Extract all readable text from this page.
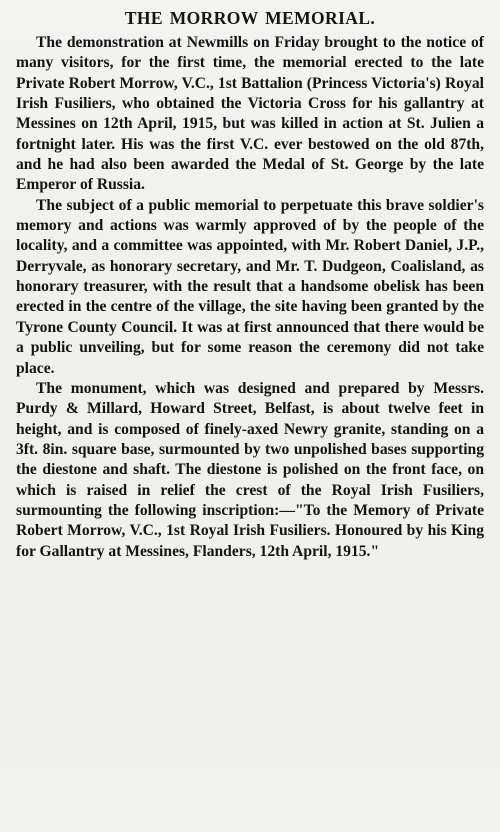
THE MORROW MEMORIAL.

The demonstration at Newmills on Friday brought to the notice of many visitors, for the first time, the memorial erected to the late Private Robert Morrow, V.C., 1st Battalion (Princess Victoria's) Royal Irish Fusiliers, who obtained the Victoria Cross for his gallantry at Messines on 12th April, 1915, but was killed in action at St. Julien a fortnight later. His was the first V.C. ever bestowed on the old 87th, and he had also been awarded the Medal of St. George by the late Emperor of Russia.

The subject of a public memorial to perpetuate this brave soldier's memory and actions was warmly approved of by the people of the locality, and a committee was appointed, with Mr. Robert Daniel, J.P., Derryvale, as honorary secretary, and Mr. T. Dudgeon, Coalisland, as honorary treasurer, with the result that a handsome obelisk has been erected in the centre of the village, the site having been granted by the Tyrone County Council. It was at first announced that there would be a public unveiling, but for some reason the ceremony did not take place.

The monument, which was designed and prepared by Messrs. Purdy & Millard, Howard Street, Belfast, is about twelve feet in height, and is composed of finely-axed Newry granite, standing on a 3ft. 8in. square base, surmounted by two unpolished bases supporting the diestone and shaft. The diestone is polished on the front face, on which is raised in relief the crest of the Royal Irish Fusiliers, surmounting the following inscription:—"To the Memory of Private Robert Morrow, V.C., 1st Royal Irish Fusiliers. Honoured by his King for Gallantry at Messines, Flanders, 12th April, 1915."
